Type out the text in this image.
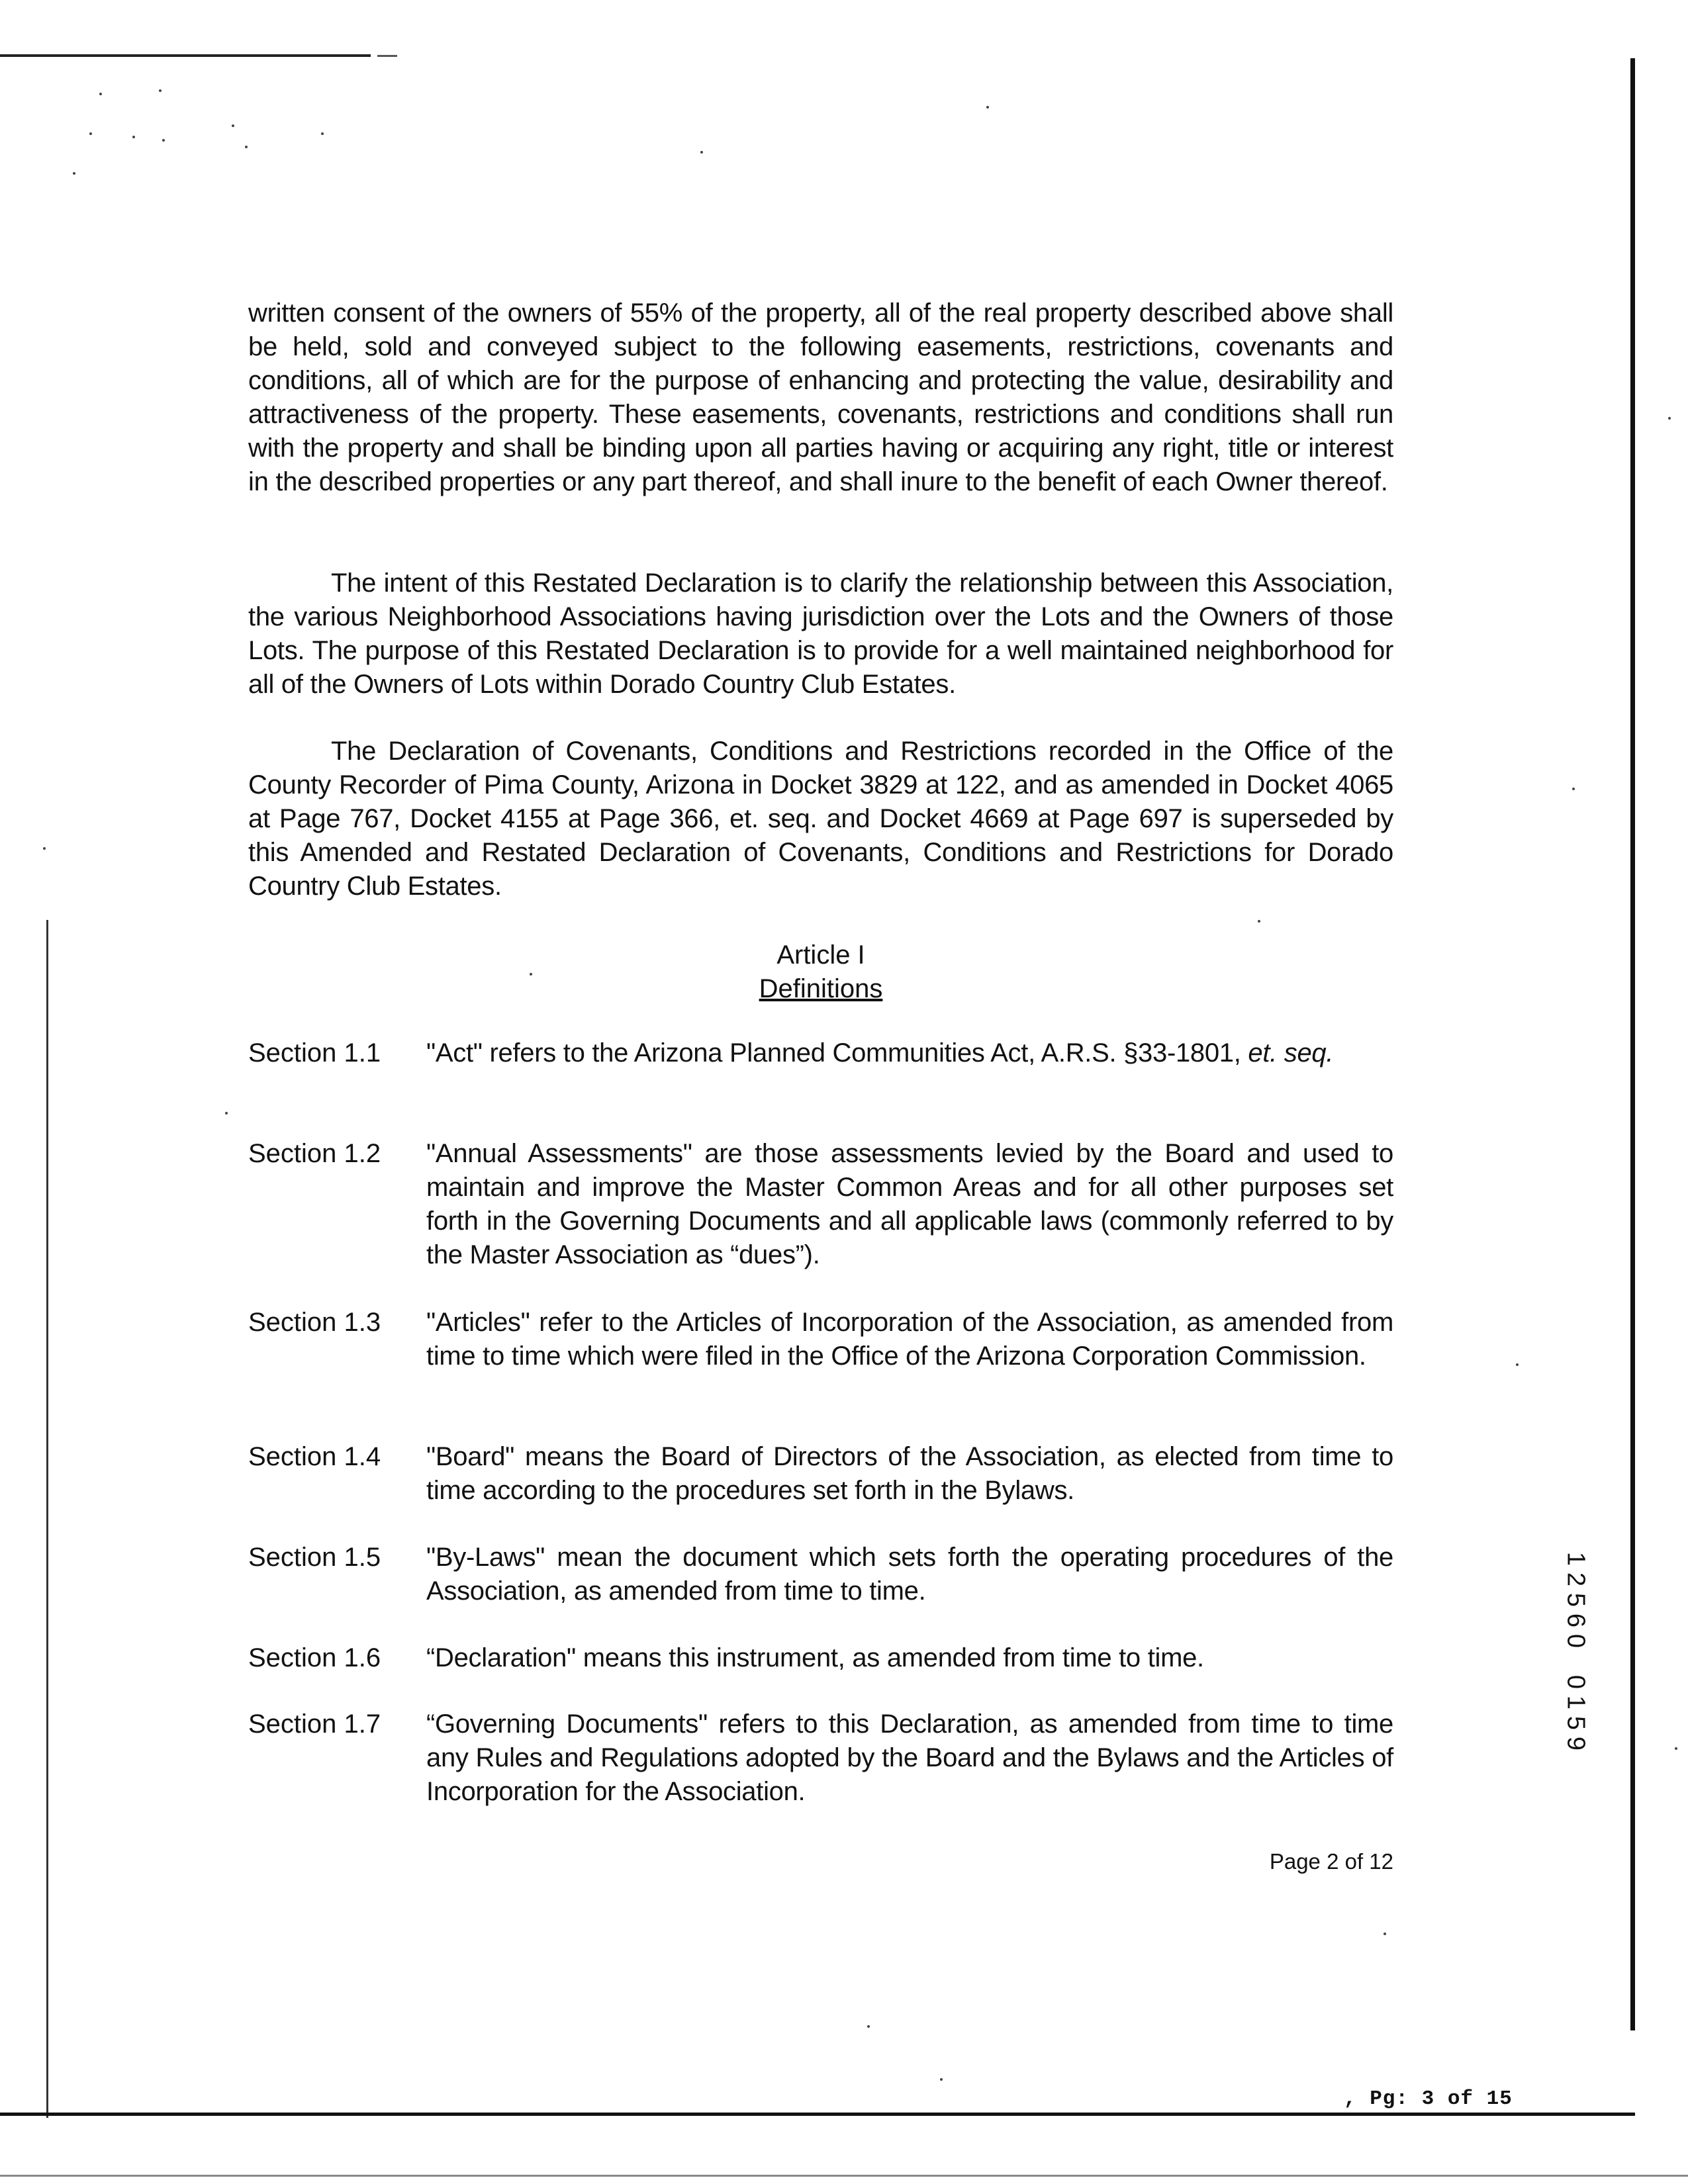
written consent of the owners of 55% of the property, all of the real property described above shall be held, sold and conveyed subject to the following easements, restrictions, covenants and conditions, all of which are for the purpose of enhancing and protecting the value, desirability and attractiveness of the property. These easements, covenants, restrictions and conditions shall run with the property and shall be binding upon all parties having or acquiring any right, title or interest in the described properties or any part thereof, and shall inure to the benefit of each Owner thereof.

The intent of this Restated Declaration is to clarify the relationship between this Association, the various Neighborhood Associations having jurisdiction over the Lots and the Owners of those Lots. The purpose of this Restated Declaration is to provide for a well maintained neighborhood for all of the Owners of Lots within Dorado Country Club Estates.

The Declaration of Covenants, Conditions and Restrictions recorded in the Office of the County Recorder of Pima County, Arizona in Docket 3829 at 122, and as amended in Docket 4065 at Page 767, Docket 4155 at Page 366, et. seq. and Docket 4669 at Page 697 is superseded by this Amended and Restated Declaration of Covenants, Conditions and Restrictions for Dorado Country Club Estates.

Article I
Definitions
Section 1.1	"Act" refers to the Arizona Planned Communities Act, A.R.S. §33-1801, et. seq.
Section 1.2	"Annual Assessments" are those assessments levied by the Board and used to maintain and improve the Master Common Areas and for all other purposes set forth in the Governing Documents and all applicable laws (commonly referred to by the Master Association as “dues”).
Section 1.3	"Articles" refer to the Articles of Incorporation of the Association, as amended from time to time which were filed in the Office of the Arizona Corporation Commission.
Section 1.4	"Board" means the Board of Directors of the Association, as elected from time to time according to the procedures set forth in the Bylaws.
Section 1.5	"By-Laws" mean the document which sets forth the operating procedures of the Association, as amended from time to time.
Section 1.6	“Declaration" means this instrument, as amended from time to time.
Section 1.7	“Governing Documents" refers to this Declaration, as amended from time to time any Rules and Regulations adopted by the Board and the Bylaws and the Articles of Incorporation for the Association.
Page 2 of 12
, Pg: 3 of 15
1
2
5
6
0

0
1
5
9
